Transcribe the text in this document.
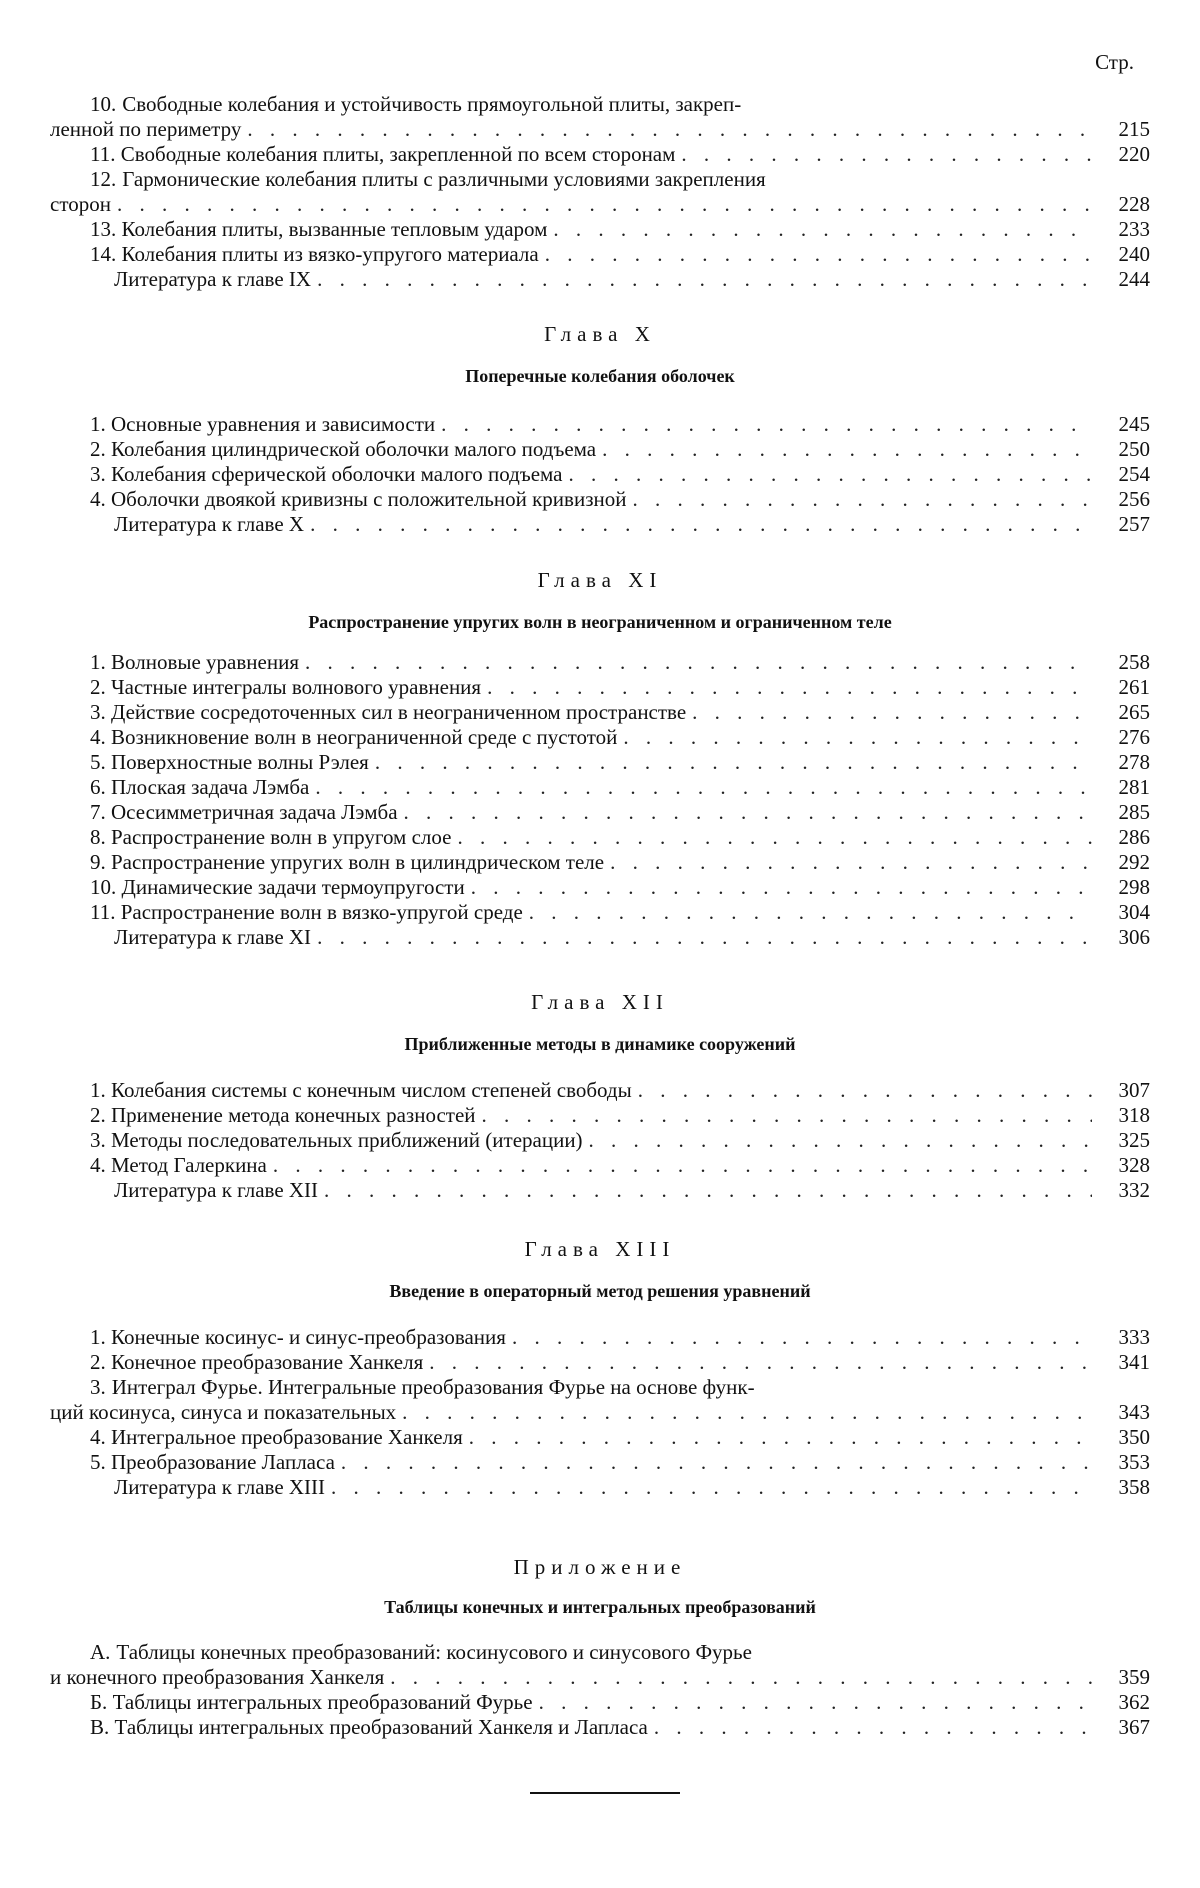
Стр.
10. Свободные колебания и устойчивость прямоугольной плиты, закреп-
ленной по периметру . . .	215
11. Свободные колебания плиты, закрепленной по всем сторонам . . .	220
12. Гармонические колебания плиты с различными условиями закрепления
сторон . . .	228
13. Колебания плиты, вызванные тепловым ударом . . .	233
14. Колебания плиты из вязко-упругого материала . . .	240
Литература к главе IX . . .	244
Глава X
Поперечные колебания оболочек
1. Основные уравнения и зависимости . . .	245
2. Колебания цилиндрической оболочки малого подъема . . .	250
3. Колебания сферической оболочки малого подъема . . .	254
4. Оболочки двоякой кривизны с положительной кривизной . . .	256
Литература к главе X . . .	257
Глава XI
Распространение упругих волн в неограниченном и ограниченном теле
1. Волновые уравнения . . .	258
2. Частные интегралы волнового уравнения . . .	261
3. Действие сосредоточенных сил в неограниченном пространстве . . .	265
4. Возникновение волн в неограниченной среде с пустотой . . .	276
5. Поверхностные волны Рэлея . . .	278
6. Плоская задача Лэмба . . .	281
7. Осесимметричная задача Лэмба . . .	285
8. Распространение волн в упругом слое . . .	286
9. Распространение упругих волн в цилиндрическом теле . . .	292
10. Динамические задачи термоупругости . . .	298
11. Распространение волн в вязко-упругой среде . . .	304
Литература к главе XI . . .	306
Глава XII
Приближенные методы в динамике сооружений
1. Колебания системы с конечным числом степеней свободы . . .	307
2. Применение метода конечных разностей . . .	318
3. Методы последовательных приближений (итерации) . . .	325
4. Метод Галеркина . . .	328
Литература к главе XII . . .	332
Глава XIII
Введение в операторный метод решения уравнений
1. Конечные косинус- и синус-преобразования . . .	333
2. Конечное преобразование Ханкеля . . .	341
3. Интеграл Фурье. Интегральные преобразования Фурье на основе функ-
ций косинуса, синуса и показательных . . .	343
4. Интегральное преобразование Ханкеля . . .	350
5. Преобразование Лапласа . . .	353
Литература к главе XIII . . .	358
Приложение
Таблицы конечных и интегральных преобразований
А. Таблицы конечных преобразований: косинусового и синусового Фурье
и конечного преобразования Ханкеля . . .	359
Б. Таблицы интегральных преобразований Фурье . . .	362
В. Таблицы интегральных преобразований Ханкеля и Лапласа . . .	367
